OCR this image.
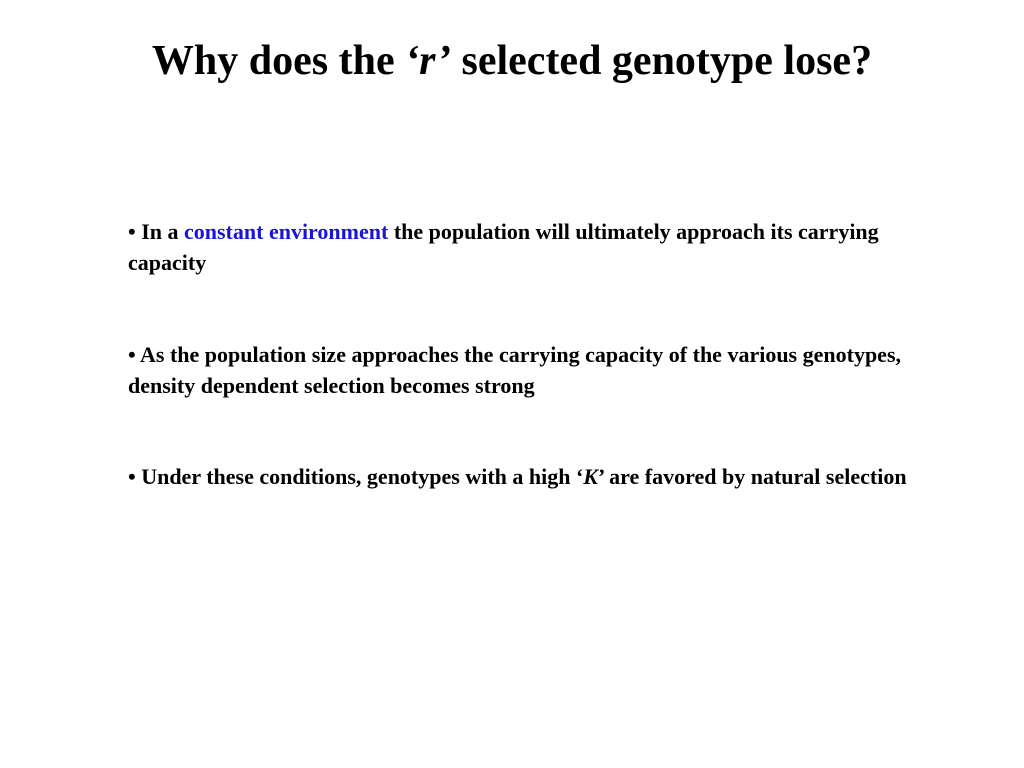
Why does the ‘r’ selected genotype lose?
• In a constant environment the population will ultimately approach its carrying capacity
• As the population size approaches the carrying capacity of the various genotypes, density dependent selection becomes strong
• Under these conditions, genotypes with a high ‘K’ are favored by natural selection
